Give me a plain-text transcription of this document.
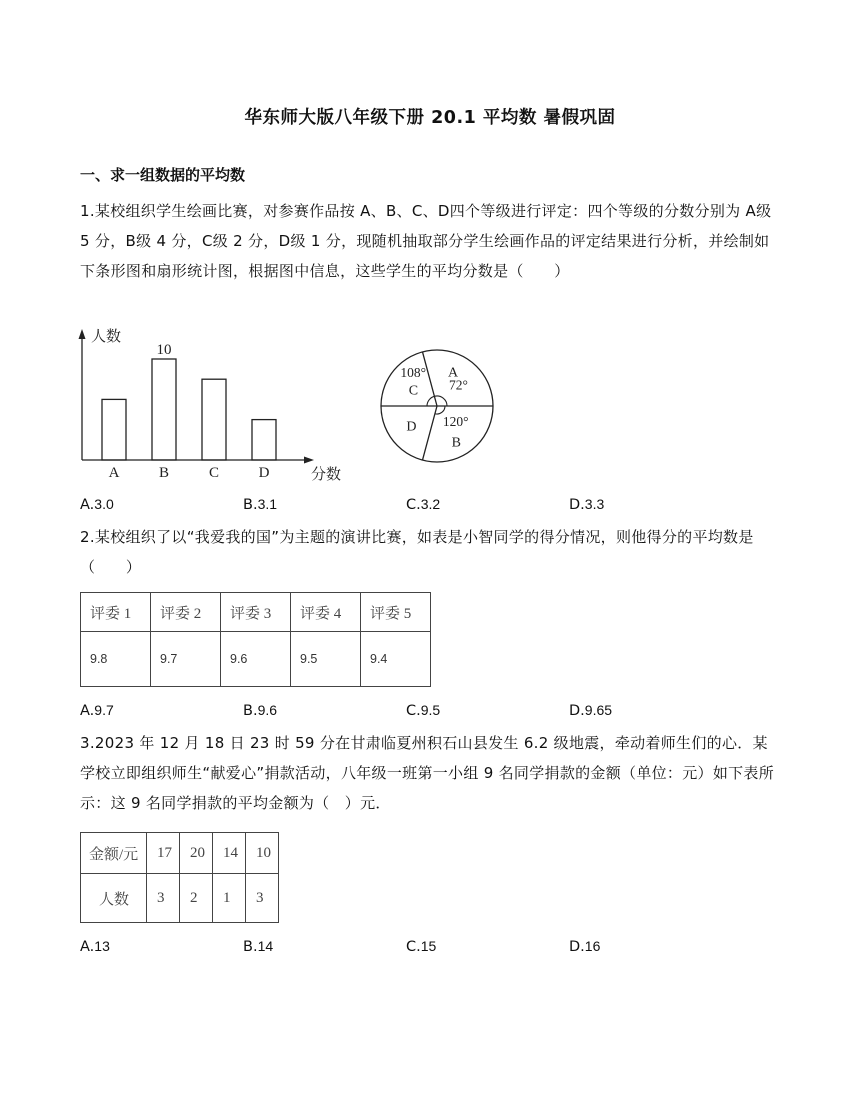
华东师大版八年级下册 20.1 平均数 暑假巩固
一、求一组数据的平均数
1.某校组织学生绘画比赛，对参赛作品按 A、B、C、D四个等级进行评定：四个等级的分数分别为 A级 5 分，B级 4 分，C级 2 分，D级 1 分，现随机抽取部分学生绘画作品的评定结果进行分析，并绘制如下条形图和扇形统计图，根据图中信息，这些学生的平均分数是（　　）
人数
分数
A	B
10
C	D
A
72°
B
120°
C
108°
D
A.3.0	B.3.1	C.3.2	D.3.3
2.某校组织了以“我爱我的国”为主题的演讲比赛，如表是小智同学的得分情况，则他得分的平均数是（　　）
评委 1	评委 2	评委 3	评委 4	评委 5
9.8	9.7	9.6	9.5	9.4
A.9.7	B.9.6	C.9.5	D.9.65
3.2023 年 12 月 18 日 23 时 59 分在甘肃临夏州积石山县发生 6.2 级地震，牵动着师生们的心．某学校立即组织师生“献爱心”捐款活动，八年级一班第一小组 9 名同学捐款的金额（单位：元）如下表所示：这 9 名同学捐款的平均金额为（　）元．
金额/元	17	20	14	10
人数	3	2	1	3
A.13	B.14	C.15	D.16
